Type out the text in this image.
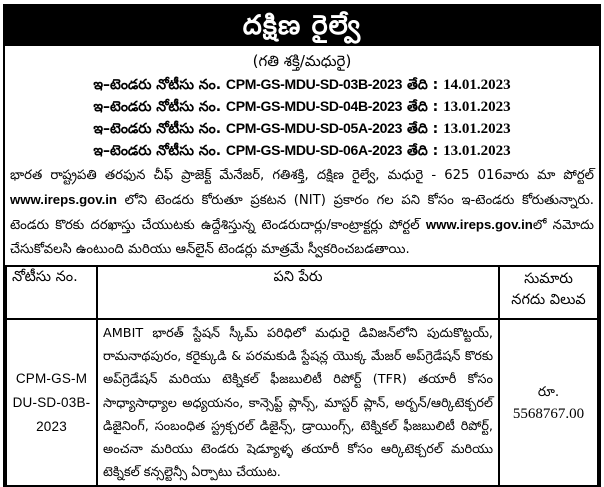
దక్షిణ రైల్వే
(గతి శక్తి/మధురై)
ఇ–టెండరు నోటీసు నం. CPM-GS-MDU-SD-03B-2023 తేది : 14.01.2023
ఇ–టెండరు నోటీసు నం. CPM-GS-MDU-SD-04B-2023 తేది : 13.01.2023
ఇ–టెండరు నోటీసు నం. CPM-GS-MDU-SD-05A-2023 తేది : 13.01.2023
ఇ–టెండరు నోటీసు నం. CPM-GS-MDU-SD-06A-2023 తేది : 13.01.2023
భారత రాష్ట్రపతి తరఫున చీఫ్ ప్రాజెక్ట్ మేనేజర్, గతిశక్తి, దక్షిణ రైల్వే, మధురై - 625 016వారు మా పోర్టల్ www.ireps.gov.in లోని టెండరు కోరుతూ ప్రకటన (NIT) ప్రకారం గల పని కోసం ఇ-టెండరు కోరుతున్నారు. టెండరు కొరకు దరఖాస్తు చేయుటకు ఉద్దేశిస్తున్న టెండరుదార్లు/కాంట్రాక్టర్లు పోర్టల్ www.ireps.gov.inలో నమోదు చేసుకోవలసి ఉంటుంది మరియు ఆన్‌లైన్ టెండర్లు మాత్రమే స్వీకరించబడతాయి.
నోటీసు నం.	పని పేరు	సుమారు నగదు విలువ
CPM-GS-MDU-SD-03B-2023	AMBIT భారత్ స్టేషన్ స్కీమ్ పరిధిలో మధురై డివిజన్‌లోని పుదుకొట్టయ్, రామనాథపురం, కరైక్కుడి & పరమకుడి స్టేషన్ల యొక్క మేజర్ అప్‌గ్రెడేషన్ కొరకు అప్‌గ్రెడేషన్ మరియు టెక్నికల్ ఫీజబులిటీ రిపోర్ట్ (TFR) తయారీ కోసం సాధ్యాసాధ్యాల అధ్యయనం, కాన్సెప్ట్ ప్లాన్స్, మాస్టర్ ప్లాన్, అర్బన్/ఆర్కిటెక్చరల్ డిజైనింగ్, సంబంధిత స్ట్రక్చరల్ డిజైన్స్, డ్రాయింగ్స్, టెక్నికల్ ఫీజబులిటీ రిపోర్ట్, అంచనా మరియు టెండరు షెడ్యూళ్ళ తయారీ కోసం ఆర్కిటెక్చరల్ మరియు టెక్నికల్ కన్సల్టెన్సీ ఏర్పాటు చేయుట.	రూ.
5568767.00
